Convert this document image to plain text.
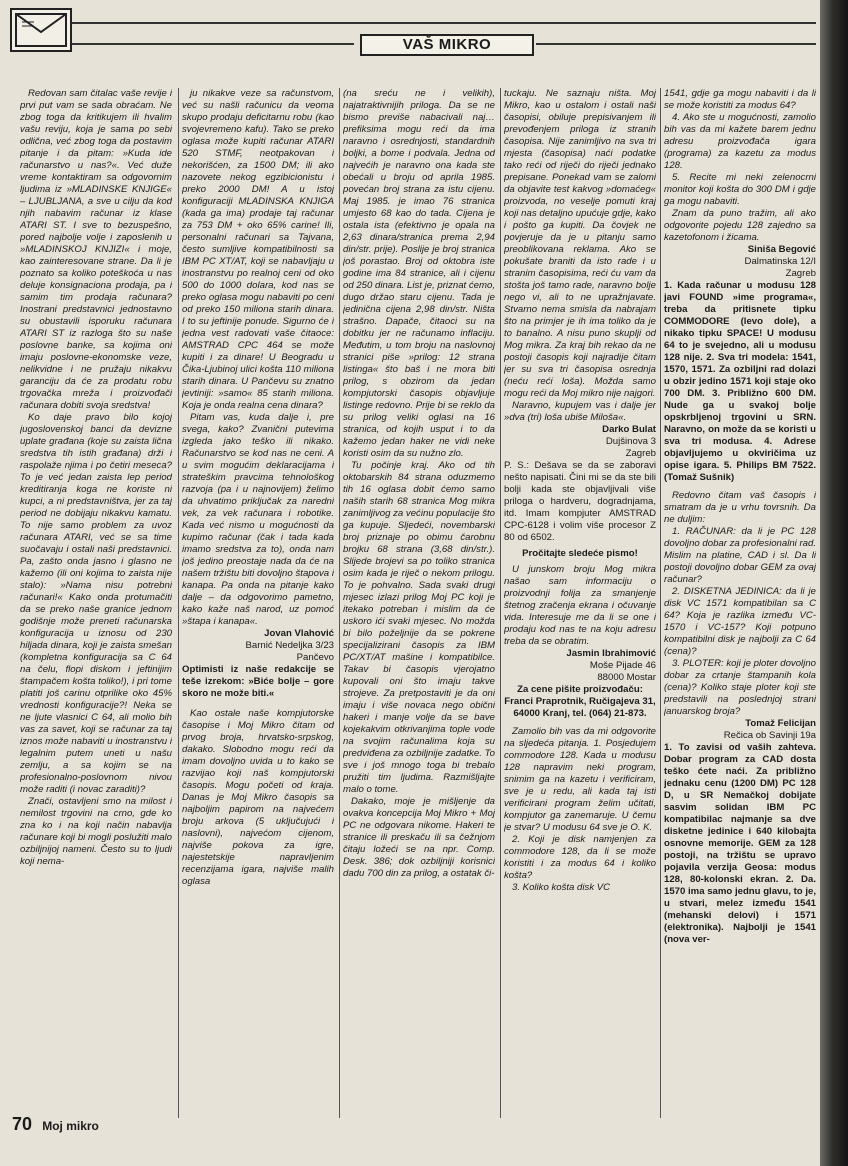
VAŠ MIKRO

Redovan sam čitalac vaše revije i prvi put vam se sada obraćam. Ne zbog toga da kritikujem ili hvalim vašu reviju, koja je sama po sebi odlična, već zbog toga da postavim pitanje i da pitam: »Kuda ide računarstvo u nas?«. Već duže vreme kontaktiram sa odgovornim ljudima iz »MLADINSKE KNJIGE« – LJUBLJANA, a sve u cilju da kod njih nabavim računar iz klase ATARI ST. I sve to bezuspešno, pored najbolje volje i zaposlenih u »MLADINSKOJ KNJIZI« i moje, kao zainteresovane strane. Da li je poznato sa koliko poteškoća u nas deluje konsignaciona prodaja, pa i samim tim prodaja računara? Inostrani predstavnici jednostavno su obustavili isporuku računara ATARI ST iz razloga što su naše poslovne banke, sa kojima oni imaju poslovne-ekonomske veze, nelikvidne i ne pružaju nikakvu garanciju da će za prodatu robu trgovačka mreža i proizvođači računara dobiti svoja sredstva!

Ko daje pravo bilo kojoj jugoslovenskoj banci da devizne uplate građana (koje su zaista lična sredstva tih istih građana) drži i raspolaže njima i po četiri meseca? To je već jedan zaista lep period kreditiranja koga ne koriste ni kupci, a ni predstavništva, jer za taj period ne dobijaju nikakvu kamatu. To nije samo problem za uvoz računara ATARI, već se sa time suočavaju i ostali naši predstavnici. Pa, zašto onda jasno i glasno ne kažemo (ili oni kojima to zaista nije stalo): »Nama nisu potrebni računari!« Kako onda protumačiti da se preko naše granice jednom godišnje može preneti računarska konfiguracija u iznosu od 230 hiljada dinara, koji je zaista smešan (kompletna konfiguracija sa C 64 na čelu, flopi diskom i jeftinijim štampačem košta toliko!), i pri tome platiti još carinu otprilike oko 45% vrednosti konfiguracije?! Neka se ne ljute vlasnici C 64, ali molio bih vas za savet, koji se računar za taj iznos može nabaviti u inostranstvu i legalnim putem uneti u našu zemlju, a sa kojim se na profesionalno-poslovnom nivou može raditi (i novac zaraditi)?

Znači, ostavljeni smo na milost i nemilost trgovini na crno, gde ko zna ko i na koji način nabavlja računare koji bi mogli poslužiti malo ozbiljnijoj nameni. Često su to ljudi koji nema-

ju nikakve veze sa računstvom, već su našli računicu da veoma skupo prodaju deficitarnu robu (kao svojevremeno kafu). Tako se preko oglasa može kupiti računar ATARI 520 STMF, neotpakovan i nekorišćen, za 1500 DM; ili ako nazovete nekog egzibicionistu i preko 2000 DM! A u istoj konfiguraciji MLADINSKA KNJIGA (kada ga ima) prodaje taj računar za 753 DM + oko 65% carine! Ili, personalni računari sa Tajvana, često sumljive kompatibilnosti sa IBM PC XT/AT, koji se nabavljaju u inostranstvu po realnoj ceni od oko 500 do 1000 dolara, kod nas se preko oglasa mogu nabaviti po ceni od preko 150 miliona starih dinara. I to su jeftinije ponude. Sigurno će i jedna vest radovati vaše čitaoce: AMSTRAD CPC 464 se može kupiti i za dinare! U Beogradu u Čika-Ljubinoj ulici košta 110 miliona starih dinara. U Pančevu su znatno jevtiniji: »samo« 85 starih miliona. Koja je onda realna cena dinara?

Pitam vas, kuda dalje i, pre svega, kako? Zvanični putevima izgleda jako teško ili nikako. Računarstvo se kod nas ne ceni. A u svim mogućim deklaracijama i strateškim pravcima tehnološkog razvoja (pa i u najnovijem) želimo da uhvatimo priključak za naredni vek, za vek računara i robotike. Kada već nismo u mogućnosti da kupimo računar (čak i tada kada imamo sredstva za to), onda nam još jedino preostaje nada da će na našem tržištu biti dovoljno štapova i kanapa. Pa onda na pitanje kako dalje – da odgovorimo pametno, kako kaže naš narod, uz pomoć »štapa i kanapa«.

Jovan Vlahović
Barnić Nedeljka 3/23
Pančevo
Optimisti iz naše redakcije se teše izrekom: »Biće bolje – gore skoro ne može biti.«

Kao ostale naše kompjutorske časopise i Moj Mikro čitam od prvog broja, hrvatsko-srpskog, dakako. Slobodno mogu reći da imam dovoljno uvida u to kako se razvijao koji naš kompjutorski časopis. Mogu početi od kraja. Danas je Moj Mikro časopis sa najboljim papirom na najvećem broju arkova (5 uključujući i naslovni), najvećom cijenom, najviše pokova za igre, najestetskije napravljenim recenzijama igara, najviše malih oglasa

(na sreću ne i velikih), najatraktivnijih priloga. Da se ne bismo previše nabacivali naj… prefiksima mogu reći da ima naravno i osrednjosti, standardnih boljki, a bome i podvala. Jedna od najvećih je naravno ona kada ste obećali u broju od aprila 1985. povećan broj strana za istu cijenu. Maj 1985. je imao 76 stranica umjesto 68 kao do tada. Cijena je ostala ista (efektivno je opala na 2,63 dinara/stranica prema 2,94 din/str. prije). Poslije je broj stranica još porastao. Broj od oktobra iste godine ima 84 stranice, ali i cijenu od 250 dinara. List je, priznat ćemo, dugo držao staru cijenu. Tada je jedinična cijena 2,98 din/str. Ništa strašno. Dapače, čitaoci su na dobitku jer ne računamo inflaciju. Međutim, u tom broju na naslovnoj stranici piše »prilog: 12 strana listinga« što baš i ne mora biti prilog, s obzirom da jedan kompjutorski časopis objavljuje listinge redovno. Prije bi se reklo da su prilog veliki oglasi na 16 stranica, od kojih usput i to da kažemo jedan haker ne vidi neke koristi osim da su nužno zlo.

Tu počinje kraj. Ako od tih oktobarskih 84 strana oduzmemo tih 16 oglasa dobit ćemo samo naših starih 68 stranica Mog mikra zanimljivog za većinu populacije što ga kupuje. Sljedeći, novembarski broj priznaje po obimu čarobnu brojku 68 strana (3,68 din/str.). Slijede brojevi sa po toliko stranica osim kada je riječ o nekom prilogu. To je pohvalno. Sada svaki drugi mjesec izlazi prilog Moj PC koji je itekako potreban i mislim da će uskoro ići svaki mjesec. No možda bi bilo poželjnije da se pokrene specijalizirani časopis za IBM PC/XT/AT mašine i kompatibilce. Takav bi časopis vjerojatno kupovali oni što imaju takve strojeve. Za pretpostaviti je da oni imaju i više novaca nego obični hakeri i manje volje da se bave kojekakvim otkrivanjima tople vode na svojim računalima koja su predviđena za ozbiljnije zadatke. To sve i još mnogo toga bi trebalo pružiti tim ljudima. Razmišljajte malo o tome.

Dakako, moje je mišljenje da ovakva koncepcija Moj Mikro + Moj PC ne odgovara nikome. Hakeri te stranice ili preskaču ili sa čežnjom čitaju ložeći se na npr. Comp. Desk. 386; dok ozbiljniji korisnici dadu 700 din za prilog, a ostatak či-

tuckaju. Ne saznaju ništa. Moj Mikro, kao u ostalom i ostali naši časopisi, obiluje prepisivanjem ili prevođenjem priloga iz stranih časopisa. Nije zanimljivo na sva tri mjesta (časopisa) naći podatke tako reći od riječi do riječi jednako prepisane. Ponekad vam se zalomi da objavite test kakvog »domaćeg« proizvoda, no veselje pomuti kraj koji nas detaljno upućuje gdje, kako i pošto ga kupiti. Da čovjek ne povjeruje da je u pitanju samo preoblikovana reklama. Ako se pokušate braniti da isto rade i u stranim časopisima, reći ću vam da stošta još tamo rade, naravno bolje nego vi, ali to ne upražnjavate. Stvarno nema smisla da nabrajam što na primjer je ih ima toliko da je to banalno. A nisu puno skuplji od Mog mikra. Za kraj bih rekao da ne postoji časopis koji najradije čitam jer su sva tri časopisa osrednja (neću reći loša). Možda samo mogu reći da Moj mikro nije najgori.

Naravno, kupujem vas i dalje jer »dva (tri) loša ubiše Miloša«.

Darko Bulat
Dujšinova 3
Zagreb

P. S.: Dešava se da se zaboravi nešto napisati. Čini mi se da ste bili bolji kada ste objavljivali više priloga o hardveru, dogradnjama, itd. Imam kompjuter AMSTRAD CPC-6128 i volim više procesor Z 80 od 6502.

Pročitajte sledeće pismo!

U junskom broju Mog mikra našao sam informaciju o proizvodnji folija za smanjenje štetnog zračenja ekrana i očuvanje vida. Interesuje me da li se one i prodaju kod nas te na koju adresu treba da se obratim.

Jasmin Ibrahimović
Moše Pijade 46
88000 Mostar
Za cene pišite proizvođaču: Franci Praprotnik, Ručigajeva 31, 64000 Kranj, tel. (064) 21-873.

Zamolio bih vas da mi odgovorite na sljedeća pitanja. 1. Posjedujem commodore 128. Kada u modusu 128 napravim neki program, snimim ga na kazetu i verificiram, sve je u redu, ali kada taj isti verificirani program želim učitati, kompjutor ga zanemaruje. U čemu je stvar? U modusu 64 sve je O. K.

2. Koji je disk namjenjen za commodore 128, da li se može koristiti i za modus 64 i koliko košta?

3. Koliko košta disk VC

1541, gdje ga mogu nabaviti i da li se može koristiti za modus 64?

4. Ako ste u mogućnosti, zamolio bih vas da mi kažete barem jednu adresu proizvođača igara (programa) za kazetu za modus 128.

5. Recite mi neki zelenocrni monitor koji košta do 300 DM i gdje ga mogu nabaviti.

Znam da puno tražim, ali ako odgovorite pojedu 128 zajedno sa kazetofonom i žicama.

Siniša Begović
Dalmatinska 12/I
Zagreb
1. Kada računar u modusu 128 javi FOUND »ime programa«, treba da pritisnete tipku COMMODORE (levo dole), a nikako tipku SPACE! U modusu 64 to je svejedno, ali u modusu 128 nije. 2. Sva tri modela: 1541, 1570, 1571. Za ozbiljni rad dolazi u obzir jedino 1571 koji staje oko 700 DM. 3. Približno 600 DM. Nude ga u svakoj bolje opskrbljenoj trgovini u SRN. Naravno, on može da se koristi u sva tri modusa. 4. Adrese objavljujemo u okviričima uz opise igara. 5. Philips BM 7522. (Tomaž Sušnik)

Redovno čitam vaš časopis i smatram da je u vrhu tovrsnih. Da ne duljim:

1. RAČUNAR: da li je PC 128 dovoljno dobar za profesionalni rad. Mislim na platine, CAD i sl. Da li postoji dovoljno dobar GEM za ovaj računar?

2. DISKETNA JEDINICA: da li je disk VC 1571 kompatibilan sa C 64? Koja je razlika između VC-1570 i VC-157? Koji potpuno kompatibilni disk je najbolji za C 64 (cena)?

3. PLOTER: koji je ploter dovoljno dobar za crtanje štampanih kola (cena)? Koliko staje ploter koji ste predstavili na poslednjoj strani januarskog broja?

Tomaž Felicijan
Rečica ob Savinji 19a
1. To zavisi od vaših zahteva. Dobar program za CAD dosta teško ćete naći. Za približno jednaku cenu (1200 DM) PC 128 D, u SR Nemačkoj dobijate sasvim solidan IBM PC kompatibilac najmanje sa dve disketne jedinice i 640 kilobajta osnovne memorije. GEM za 128 postoji, na tržištu se upravo pojavila verzija Geosa: modus 128, 80-kolonski ekran. 2. Da. 1570 ima samo jednu glavu, to je, u stvari, melez između 1541 (mehanski delovi) i 1571 (elektronika). Najbolji je 1541 (nova ver-
70 Moj mikro
